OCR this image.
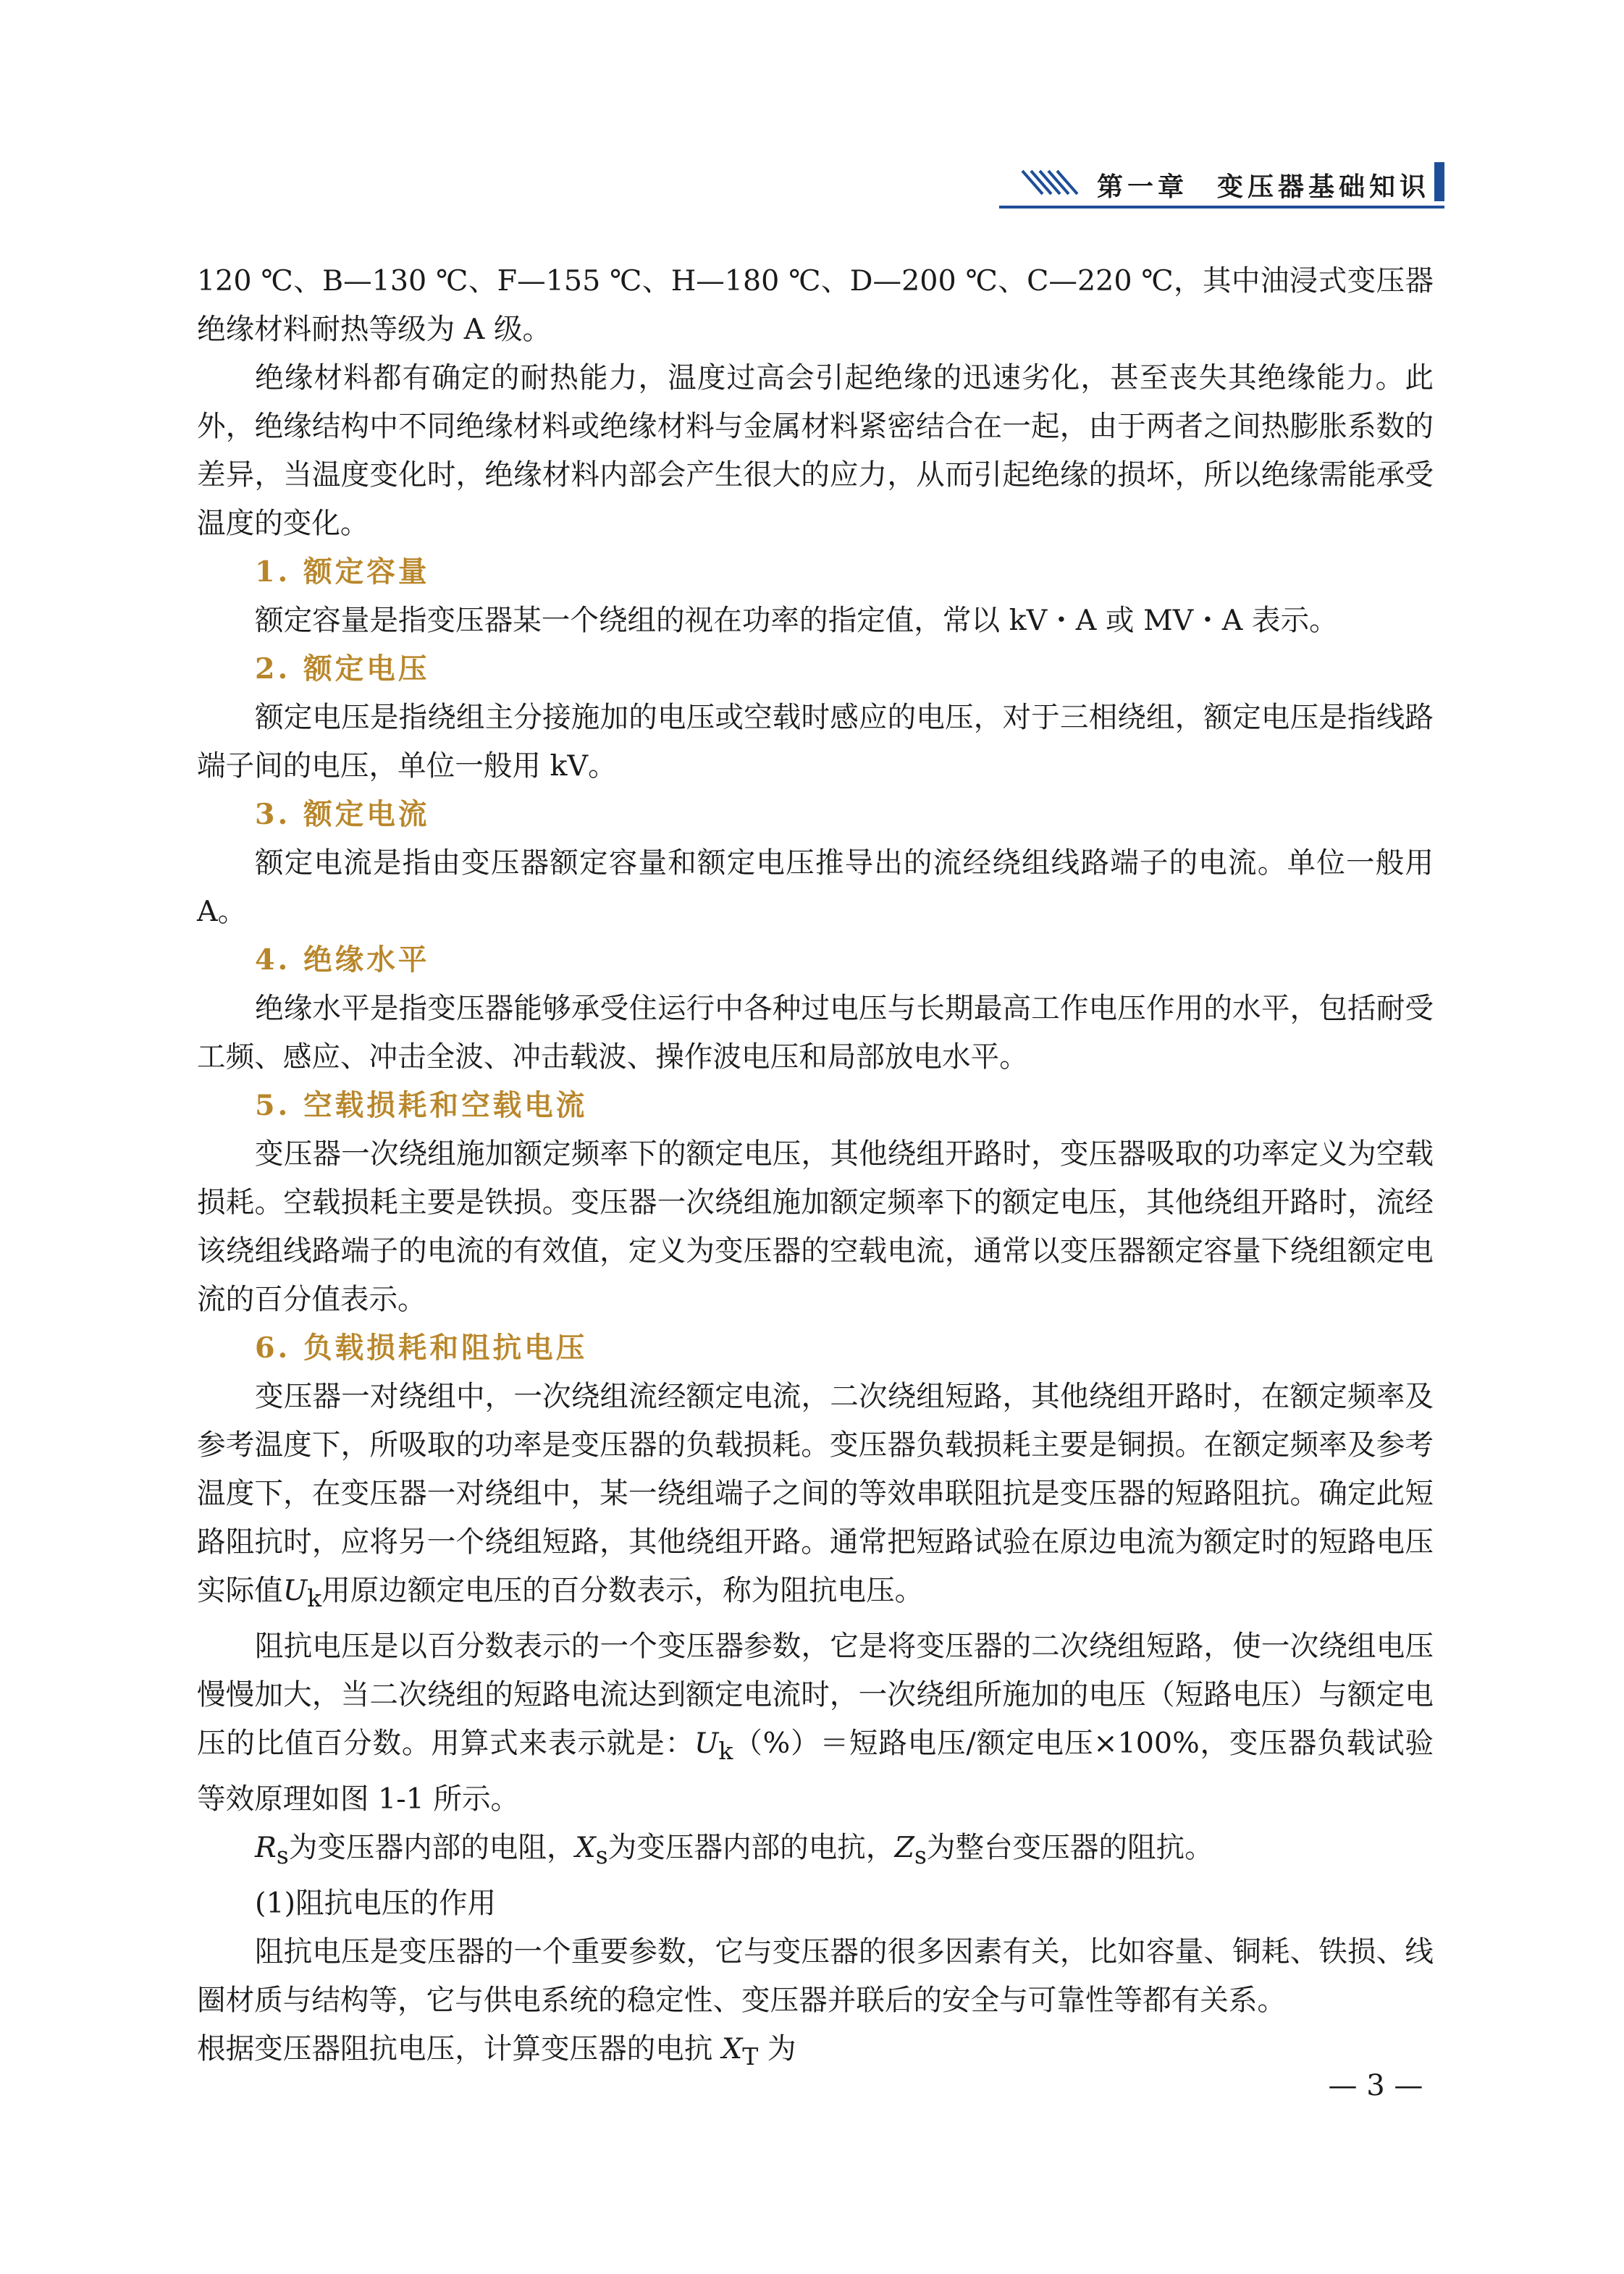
第一章 变压器基础知识

120 ℃、B—130 ℃、F—155 ℃、H—180 ℃、D—200 ℃、C—220 ℃，其中油浸式变压器绝缘材料耐热等级为 A 级。

绝缘材料都有确定的耐热能力，温度过高会引起绝缘的迅速劣化，甚至丧失其绝缘能力。此外，绝缘结构中不同绝缘材料或绝缘材料与金属材料紧密结合在一起，由于两者之间热膨胀系数的差异，当温度变化时，绝缘材料内部会产生很大的应力，从而引起绝缘的损坏，所以绝缘需能承受温度的变化。

1. 额定容量

额定容量是指变压器某一个绕组的视在功率的指定值，常以 kV・A 或 MV・A 表示。

2. 额定电压

额定电压是指绕组主分接施加的电压或空载时感应的电压，对于三相绕组，额定电压是指线路端子间的电压，单位一般用 kV。

3. 额定电流

额定电流是指由变压器额定容量和额定电压推导出的流经绕组线路端子的电流。单位一般用 A。

4. 绝缘水平

绝缘水平是指变压器能够承受住运行中各种过电压与长期最高工作电压作用的水平，包括耐受工频、感应、冲击全波、冲击载波、操作波电压和局部放电水平。

5. 空载损耗和空载电流

变压器一次绕组施加额定频率下的额定电压，其他绕组开路时，变压器吸取的功率定义为空载损耗。空载损耗主要是铁损。变压器一次绕组施加额定频率下的额定电压，其他绕组开路时，流经该绕组线路端子的电流的有效值，定义为变压器的空载电流，通常以变压器额定容量下绕组额定电流的百分值表示。

6. 负载损耗和阻抗电压

变压器一对绕组中，一次绕组流经额定电流，二次绕组短路，其他绕组开路时，在额定频率及参考温度下，所吸取的功率是变压器的负载损耗。变压器负载损耗主要是铜损。在额定频率及参考温度下，在变压器一对绕组中，某一绕组端子之间的等效串联阻抗是变压器的短路阻抗。确定此短路阻抗时，应将另一个绕组短路，其他绕组开路。通常把短路试验在原边电流为额定时的短路电压实际值$U_k$用原边额定电压的百分数表示，称为阻抗电压。

阻抗电压是以百分数表示的一个变压器参数，它是将变压器的二次绕组短路，使一次绕组电压慢慢加大，当二次绕组的短路电流达到额定电流时，一次绕组所施加的电压（短路电压）与额定电压的比值百分数。用算式来表示就是：$U_k(\%)=$短路电压/额定电压×100%，变压器负载试验等效原理如图 1-1 所示。

$R_s$为变压器内部的电阻，$X_s$为变压器内部的电抗，$Z_s$为整台变压器的阻抗。

(1)阻抗电压的作用

阻抗电压是变压器的一个重要参数，它与变压器的很多因素有关，比如容量、铜耗、铁损、线圈材质与结构等，它与供电系统的稳定性、变压器并联后的安全与可靠性等都有关系。

根据变压器阻抗电压，计算变压器的电抗 $X_T$ 为

— 3 —
